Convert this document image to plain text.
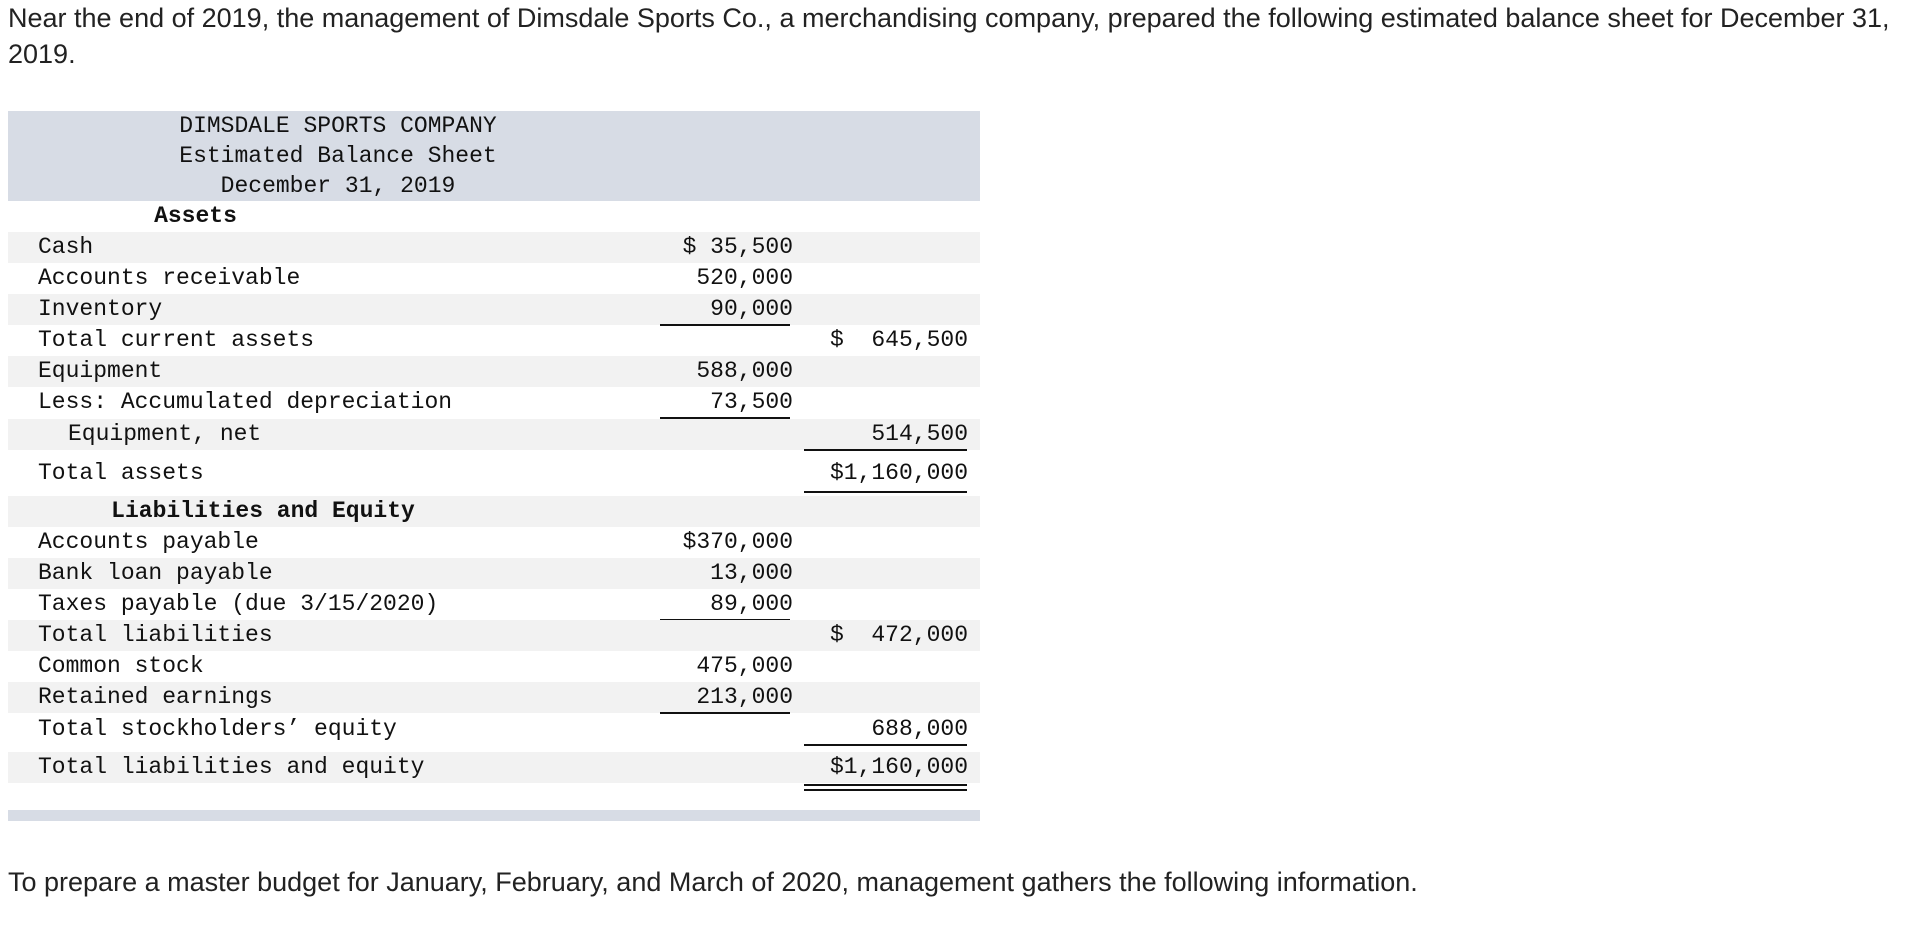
Near the end of 2019, the management of Dimsdale Sports Co., a merchandising company, prepared the following estimated balance sheet for December 31, 2019.
DIMSDALE SPORTS COMPANY
Estimated Balance Sheet
December 31, 2019
Assets
Cash	$ 35,500
Accounts receivable	520,000
Inventory	90,000
Total current assets	$  645,500
Equipment	588,000
Less: Accumulated depreciation	73,500
Equipment, net	514,500
Total assets	$1,160,000
Liabilities and Equity
Accounts payable	$370,000
Bank loan payable	13,000
Taxes payable (due 3/15/2020)	89,000
Total liabilities	$  472,000
Common stock	475,000
Retained earnings	213,000
Total stockholders’ equity	688,000
Total liabilities and equity	$1,160,000
To prepare a master budget for January, February, and March of 2020, management gathers the following information.
